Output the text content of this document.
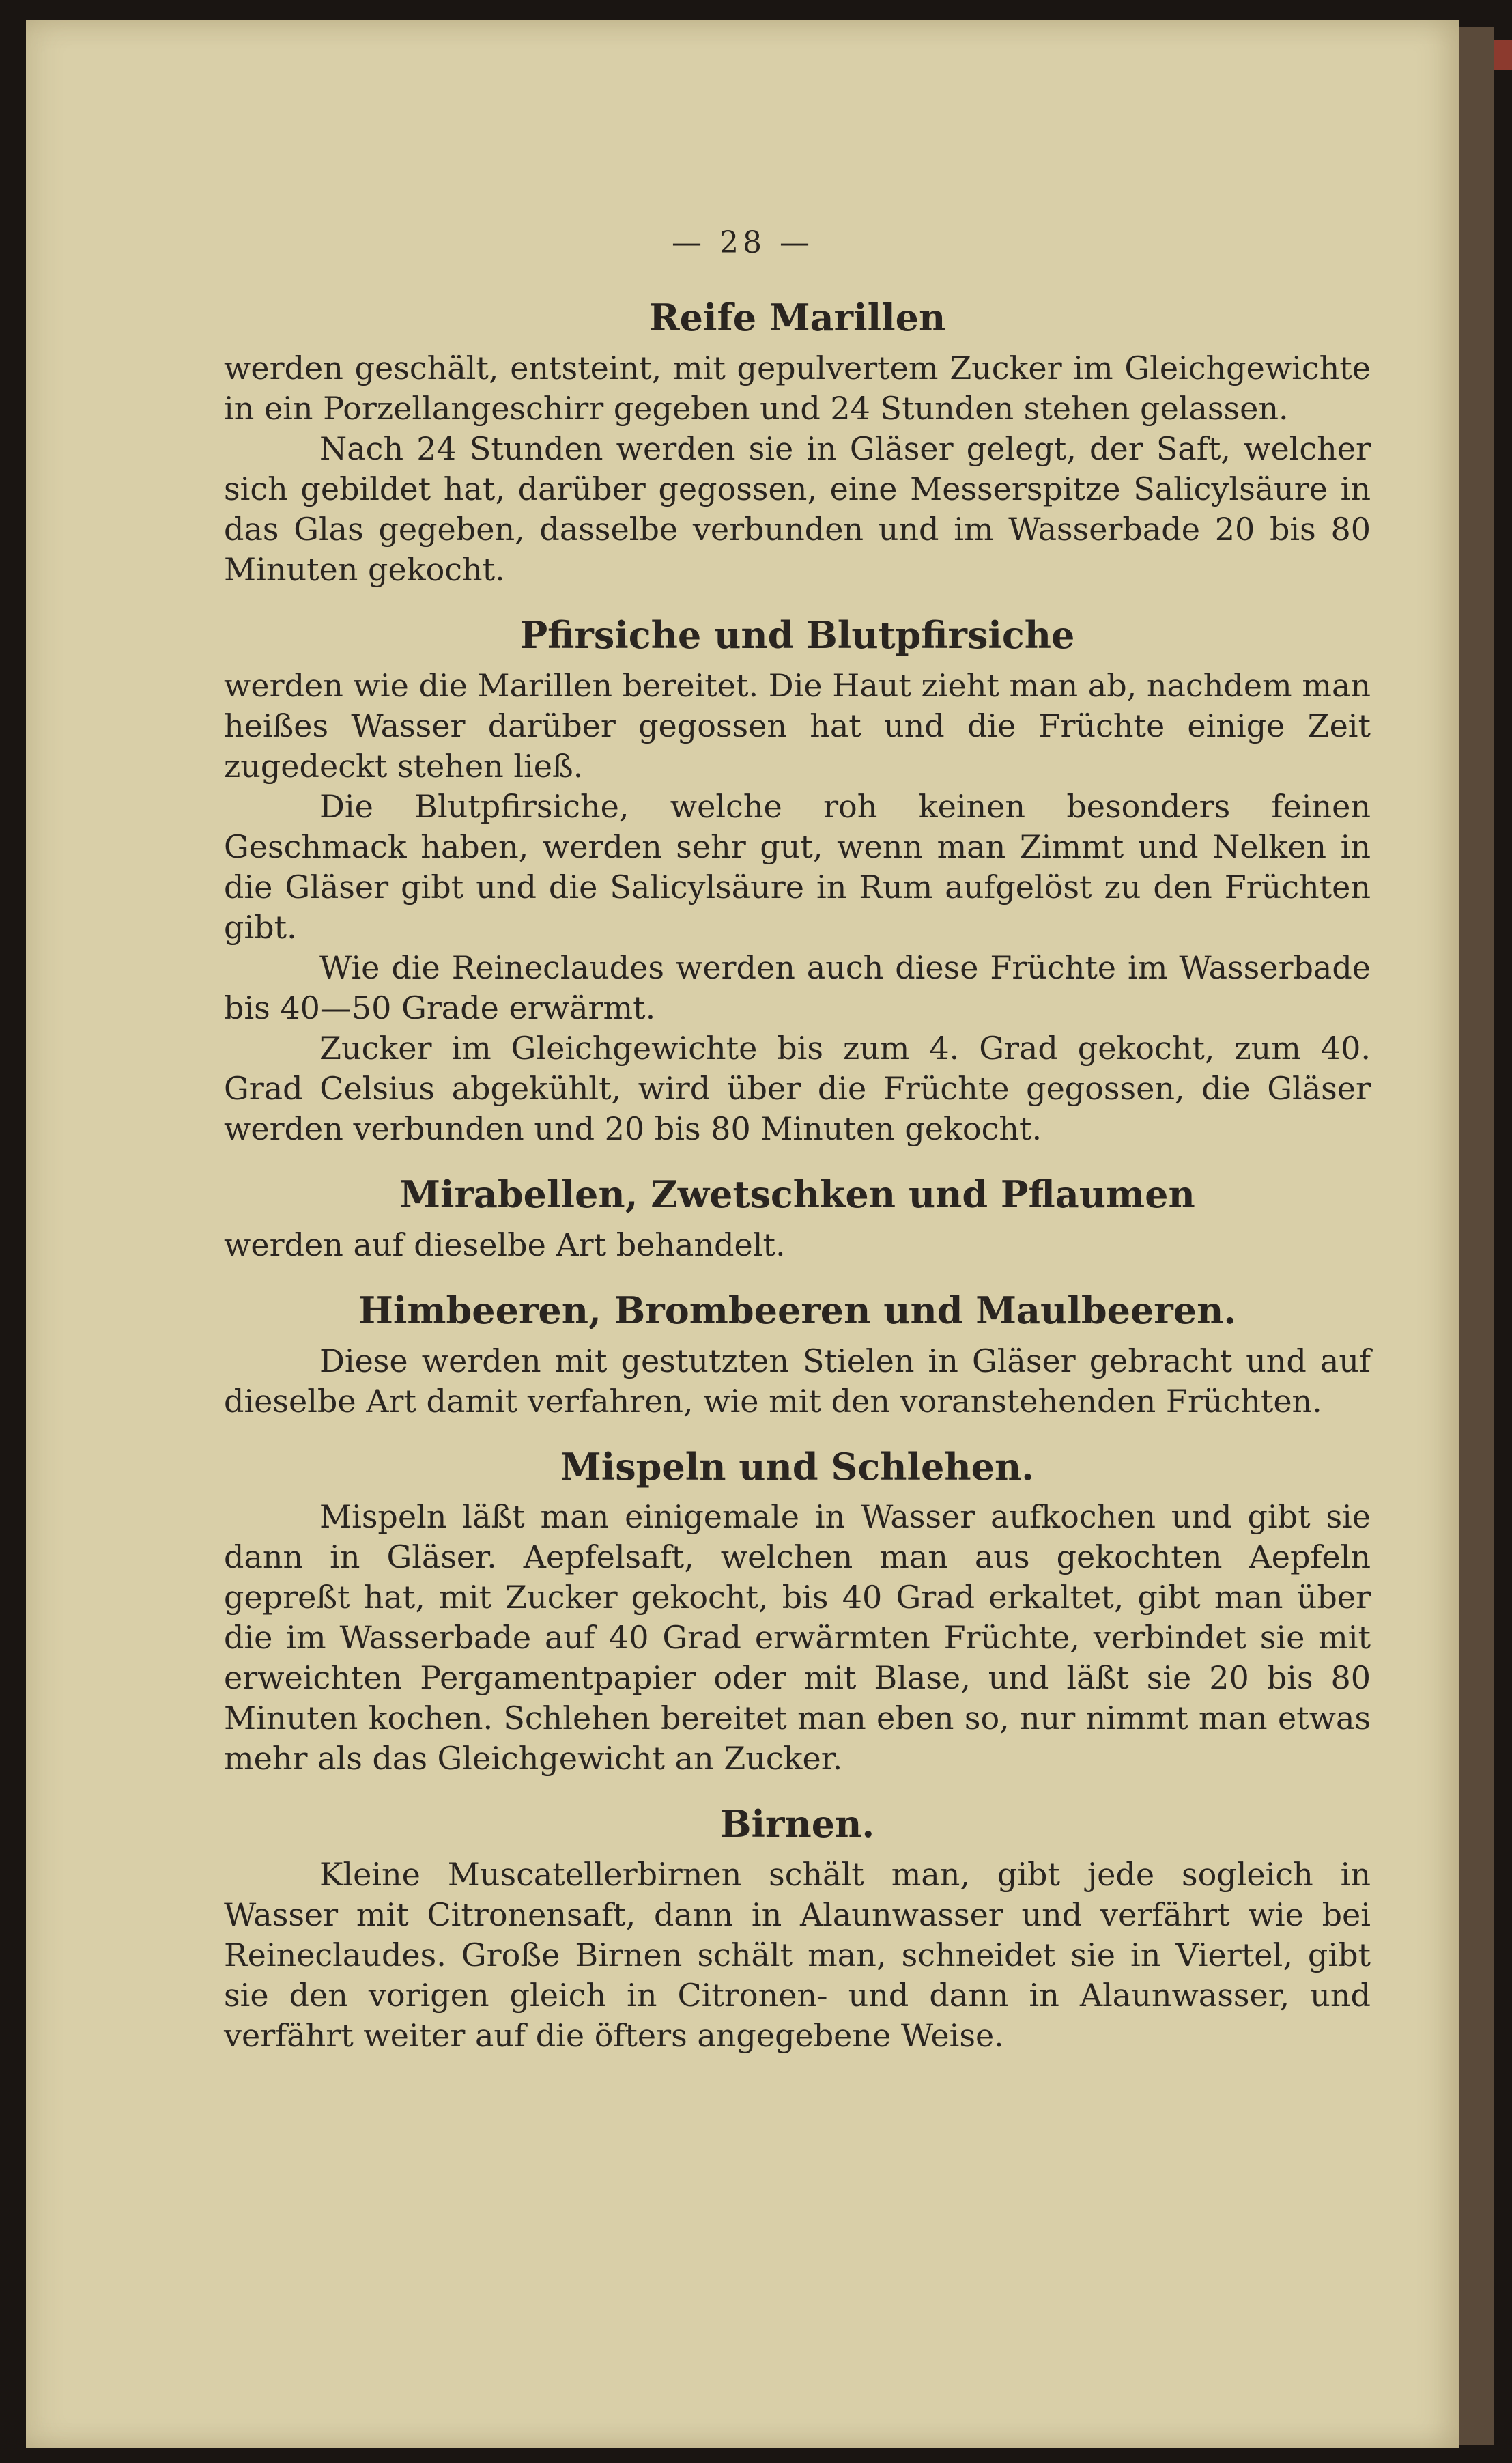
— 28 —
Reife Marillen

werden geschält, entsteint, mit gepulvertem Zucker im Gleichgewichte in ein Porzellangeschirr gegeben und 24 Stunden stehen gelassen.

Nach 24 Stunden werden sie in Gläser gelegt, der Saft, welcher sich gebildet hat, darüber gegossen, eine Messerspitze Salicylsäure in das Glas gegeben, dasselbe verbunden und im Wasserbade 20 bis 80 Minuten gekocht.

Pfirsiche und Blutpfirsiche

werden wie die Marillen bereitet. Die Haut zieht man ab, nachdem man heißes Wasser darüber gegossen hat und die Früchte einige Zeit zugedeckt stehen ließ.

Die Blutpfirsiche, welche roh keinen besonders feinen Geschmack haben, werden sehr gut, wenn man Zimmt und Nelken in die Gläser gibt und die Salicylsäure in Rum aufgelöst zu den Früchten gibt.

Wie die Reineclaudes werden auch diese Früchte im Wasserbade bis 40—50 Grade erwärmt.

Zucker im Gleichgewichte bis zum 4. Grad gekocht, zum 40. Grad Celsius abgekühlt, wird über die Früchte gegossen, die Gläser werden verbunden und 20 bis 80 Minuten gekocht.

Mirabellen, Zwetschken und Pflaumen

werden auf dieselbe Art behandelt.

Himbeeren, Brombeeren und Maulbeeren.

Diese werden mit gestutzten Stielen in Gläser gebracht und auf dieselbe Art damit verfahren, wie mit den voranstehenden Früchten.

Mispeln und Schlehen.

Mispeln läßt man einigemale in Wasser aufkochen und gibt sie dann in Gläser. Aepfelsaft, welchen man aus gekochten Aepfeln gepreßt hat, mit Zucker gekocht, bis 40 Grad erkaltet, gibt man über die im Wasserbade auf 40 Grad erwärmten Früchte, verbindet sie mit erweichten Pergamentpapier oder mit Blase, und läßt sie 20 bis 80 Minuten kochen. Schlehen bereitet man eben so, nur nimmt man etwas mehr als das Gleichgewicht an Zucker.

Birnen.

Kleine Muscatellerbirnen schält man, gibt jede sogleich in Wasser mit Citronensaft, dann in Alaunwasser und verfährt wie bei Reineclaudes. Große Birnen schält man, schneidet sie in Viertel, gibt sie den vorigen gleich in Citronen- und dann in Alaunwasser, und verfährt weiter auf die öfters angegebene Weise.
